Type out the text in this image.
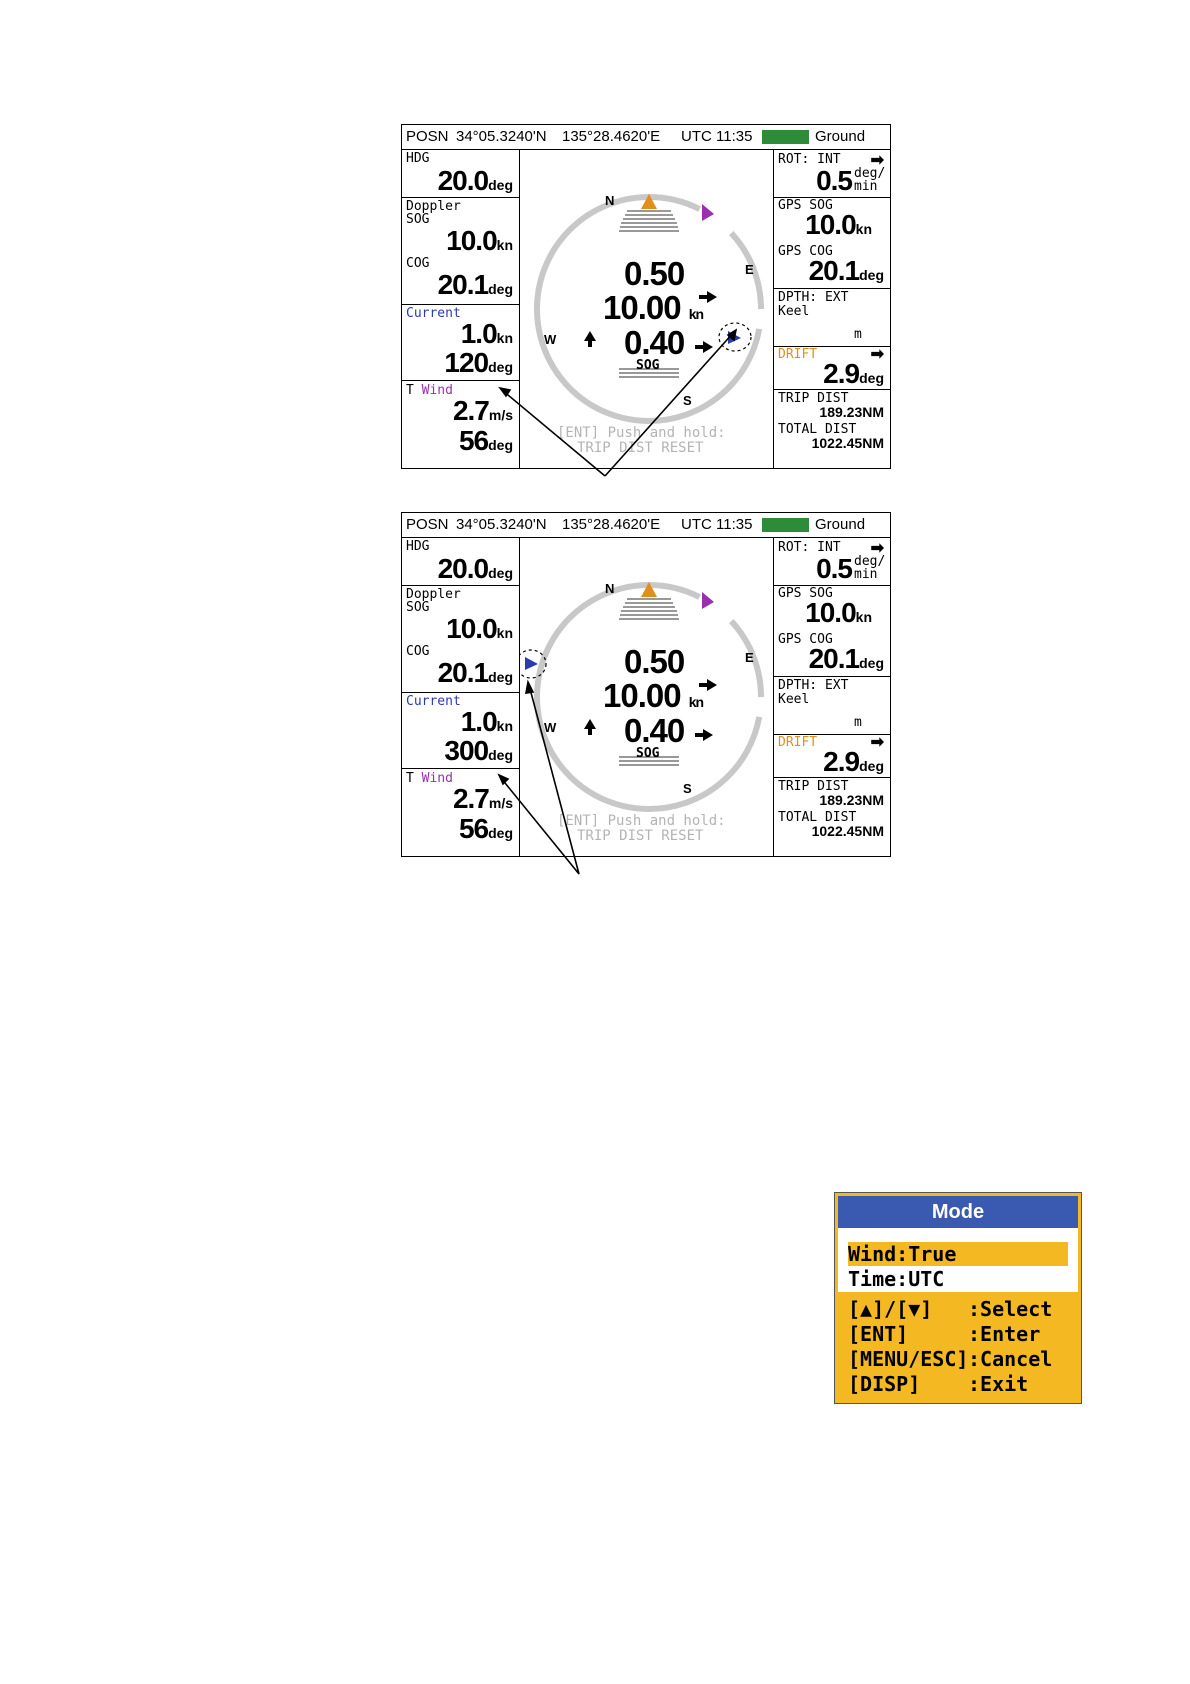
POSN 34°05.3240'N 135°28.4620'E UTC 11:35	Ground
HDG
20.0deg
Doppler
SOG
10.0kn
COG
20.1deg
Current
1.0kn
120deg
T Wind
2.7m/s
56deg
N
E
S
W
0.50
10.00 kn
0.40
SOG
[ENT] Push and hold:
TRIP DIST RESET
ROT: INT ➡
0.5 deg/
min
GPS SOG
10.0kn
GPS COG
20.1deg
DPTH: EXT
Keel
m
DRIFT	➡
2.9deg
TRIP DIST
189.23NM
TOTAL DIST
1022.45NM
POSN 34°05.3240'N 135°28.4620'E UTC 11:35	Ground
HDG
20.0deg
Doppler
SOG
10.0kn
COG
20.1deg
Current
1.0kn
300deg
T Wind
2.7m/s
56deg
N
E
S
W
0.50
10.00 kn
0.40
SOG
[ENT] Push and hold:
TRIP DIST RESET
ROT: INT ➡
0.5 deg/
min
GPS SOG
10.0kn
GPS COG
20.1deg
DPTH: EXT
Keel
m
DRIFT	➡
2.9deg
TRIP DIST
189.23NM
TOTAL DIST
1022.45NM
Mode
Wind:True
Time:UTC
[▲]/[▼] :Select
[ENT]	:Enter
[MENU/ESC] :Cancel
[DISP] :Exit
